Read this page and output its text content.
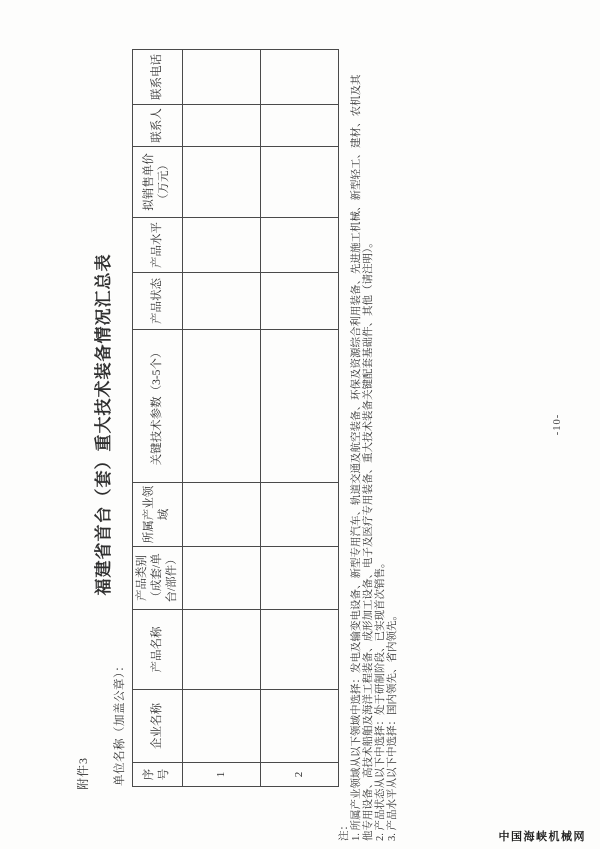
附件3
福建省首台（套）重大技术装备情况汇总表
单位名称（加盖公章）： 序号	企业名称	产品名称	产品类别（成套/单台/部件）	所属产业领域	关键技术参数（3-5个）	产品状态	产品水平	拟销售单价（万元）	联系人	联系电话
1										
2										
注： 1. 所属产业领域从以下领域中选择：发电及输变电设备、新型专用汽车、轨道交通及航空装备、环保及资源综合利用装备、先进施工机械、新型轻工、建材、农机及其 他专用设备、高技术船舶及海洋工程装备、成形加工设备、电子及医疗专用装备、重大技术装备关键配套基础件、其他（请注明）。 2. 产品状态从以下中选择：处于研制阶段、已实现首次销售。 3. 产品水平从以下中选择：国内领先、省内领先。
-10-
中国海峡机械网
